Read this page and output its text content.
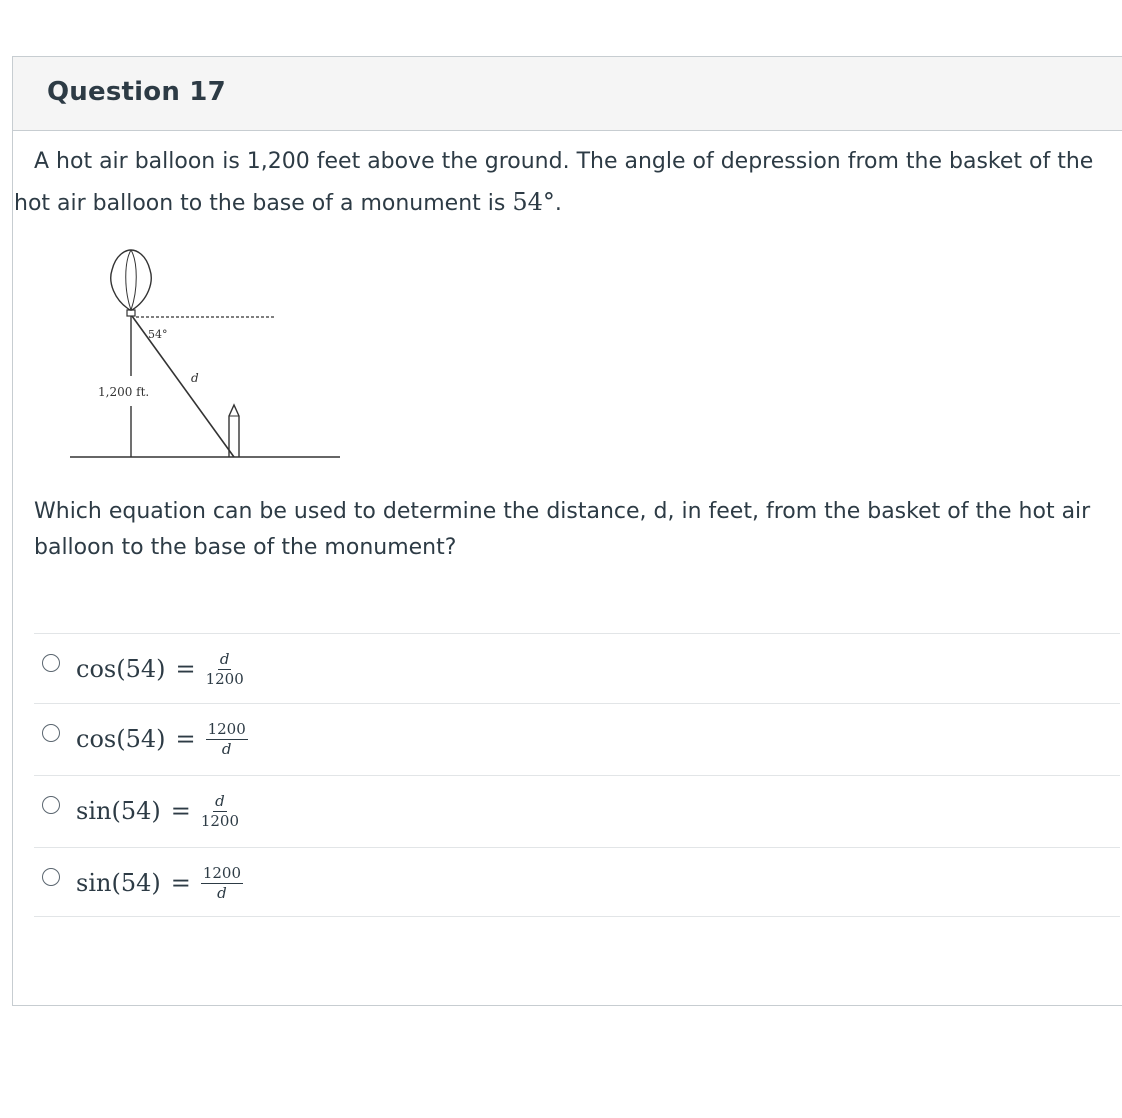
Question 17
A hot air balloon is 1,200 feet above the ground. The angle of depression from the basket of the hot air balloon to the base of a monument is 54°.
54°
1,200 ft.
d
Which equation can be used to determine the distance, d, in feet, from the basket of the hot air balloon to the base of the monument?
$\cos(54) = \frac{d}{1200}$
$\cos(54) = \frac{1200}{d}$
$\sin(54) = \frac{d}{1200}$
$\sin(54) = \frac{1200}{d}$
